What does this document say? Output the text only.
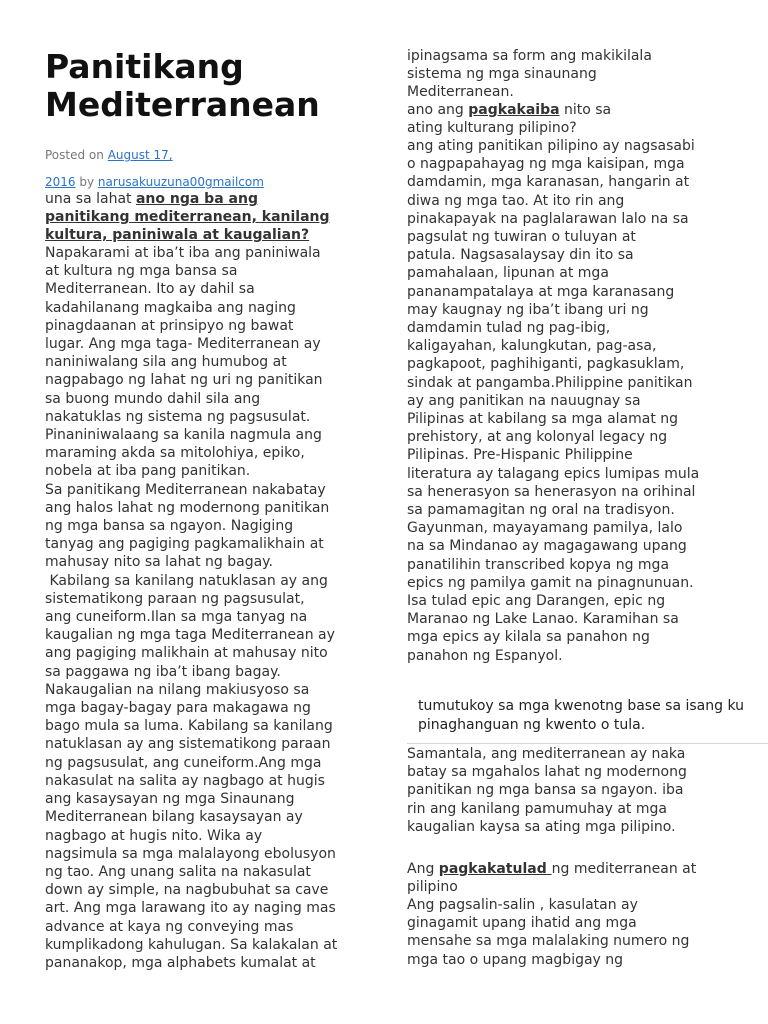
Panitikang
Mediterranean
Posted on August 17,
2016 by narusakuuzuna00gmailcom
una sa lahat ano nga ba ang
panitikang mediterranean, kanilang
kultura, paniniwala at kaugalian?
Napakarami at iba’t iba ang paniniwala
at kultura ng mga bansa sa
Mediterranean. Ito ay dahil sa
kadahilanang magkaiba ang naging
pinagdaanan at prinsipyo ng bawat
lugar. Ang mga taga- Mediterranean ay
naniniwalang sila ang humubog at
nagpabago ng lahat ng uri ng panitikan
sa buong mundo dahil sila ang
nakatuklas ng sistema ng pagsusulat.
Pinaniniwalaang sa kanila nagmula ang
maraming akda sa mitolohiya, epiko,
nobela at iba pang panitikan.
Sa panitikang Mediterranean nakabatay
ang halos lahat ng modernong panitikan
ng mga bansa sa ngayon. Nagiging
tanyag ang pagiging pagkamalikhain at
mahusay nito sa lahat ng bagay.
Kabilang sa kanilang natuklasan ay ang
sistematikong paraan ng pagsusulat,
ang cuneiform.Ilan sa mga tanyag na
kaugalian ng mga taga Mediterranean ay
ang pagiging malikhain at mahusay nito
sa paggawa ng iba’t ibang bagay.
Nakaugalian na nilang makiusyoso sa
mga bagay-bagay para makagawa ng
bago mula sa luma. Kabilang sa kanilang
natuklasan ay ang sistematikong paraan
ng pagsusulat, ang cuneiform.Ang mga
nakasulat na salita ay nagbago at hugis
ang kasaysayan ng mga Sinaunang
Mediterranean bilang kasaysayan ay
nagbago at hugis nito. Wika ay
nagsimula sa mga malalayong ebolusyon
ng tao. Ang unang salita na nakasulat
down ay simple, na nagbubuhat sa cave
art. Ang mga larawang ito ay naging mas
advance at kaya ng conveying mas
kumplikadong kahulugan. Sa kalakalan at
pananakop, mga alphabets kumalat at
ipinagsama sa form ang makikilala
sistema ng mga sinaunang
Mediterranean.
ano ang pagkakaiba nito sa
ating kulturang pilipino?
ang ating panitikan pilipino ay nagsasabi
o nagpapahayag ng mga kaisipan, mga
damdamin, mga karanasan, hangarin at
diwa ng mga tao. At ito rin ang
pinakapayak na paglalarawan lalo na sa
pagsulat ng tuwiran o tuluyan at
patula. Nagsasalaysay din ito sa
pamahalaan, lipunan at mga
pananampatalaya at mga karanasang
may kaugnay ng iba’t ibang uri ng
damdamin tulad ng pag-ibig,
kaligayahan, kalungkutan, pag-asa,
pagkapoot, paghihiganti, pagkasuklam,
sindak at pangamba.Philippine panitikan
ay ang panitikan na nauugnay sa
Pilipinas at kabilang sa mga alamat ng
prehistory, at ang kolonyal legacy ng
Pilipinas. Pre-Hispanic Philippine
literatura ay talagang epics lumipas mula
sa henerasyon sa henerasyon na orihinal
sa pamamagitan ng oral na tradisyon.
Gayunman, mayayamang pamilya, lalo
na sa Mindanao ay magagawang upang
panatilihin transcribed kopya ng mga
epics ng pamilya gamit na pinagnunuan.
Isa tulad epic ang Darangen, epic ng
Maranao ng Lake Lanao. Karamihan sa
mga epics ay kilala sa panahon ng
panahon ng Espanyol.
tumutukoy sa mga kwenotng base sa isang ku
pinaghanguan ng kwento o tula.
Samantala, ang mediterranean ay naka
batay sa mgahalos lahat ng modernong
panitikan ng mga bansa sa ngayon. iba
rin ang kanilang pamumuhay at mga
kaugalian kaysa sa ating mga pilipino.
Ang pagkakatulad ng mediterranean at
pilipino
Ang pagsalin-salin , kasulatan ay
ginagamit upang ihatid ang mga
mensahe sa mga malalaking numero ng
mga tao o upang magbigay ng
